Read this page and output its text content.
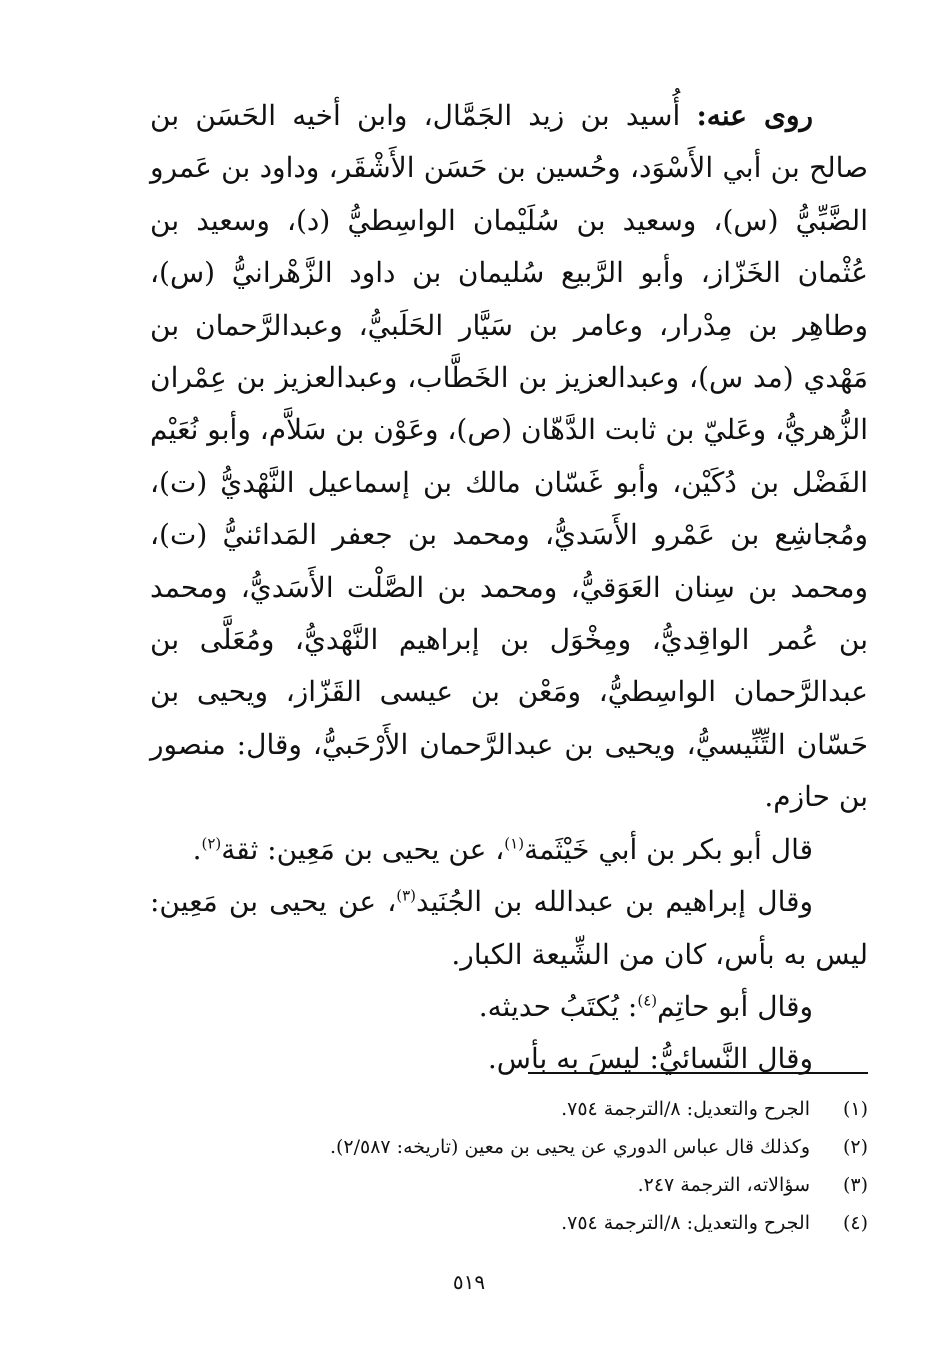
روى عنه: أُسيد بن زيد الجَمَّال، وابن أخيه الحَسَن بن صالح بن أبي الأَسْوَد، وحُسين بن حَسَن الأَشْقَر، وداود بن عَمرو الضَّبِّيُّ (س)، وسعيد بن سُلَيْمان الواسِطيُّ (د)، وسعيد بن عُثْمان الخَزّاز، وأبو الرَّبيع سُليمان بن داود الزَّهْرانيُّ (س)، وطاهِر بن مِدْرار، وعامر بن سَيَّار الحَلَبيُّ، وعبدالرَّحمان بن مَهْدي (مد س)، وعبدالعزيز بن الخَطَّاب، وعبدالعزيز بن عِمْران الزُّهريُّ، وعَليّ بن ثابت الدَّهّان (ص)، وعَوْن بن سَلاَّم، وأبو نُعَيْم الفَضْل بن دُكَيْن، وأبو غَسّان مالك بن إسماعيل النَّهْديُّ (ت)، ومُجاشِع بن عَمْرو الأَسَديُّ، ومحمد بن جعفر المَدائنيُّ (ت)، ومحمد بن سِنان العَوَقيُّ، ومحمد بن الصَّلْت الأَسَديُّ، ومحمد بن عُمر الواقِديُّ، ومِخْوَل بن إبراهيم النَّهْديُّ، ومُعَلَّى بن عبدالرَّحمان الواسِطيُّ، ومَعْن بن عيسى القَزّاز، ويحيى بن حَسّان التِّنِّيسيُّ، ويحيى بن عبدالرَّحمان الأَرْحَبيُّ، وقال: منصور بن حازم.

قال أبو بكر بن أبي خَيْثَمة$^{(١)}$، عن يحيى بن مَعِين: ثقة$^{(٢)}$.

وقال إبراهيم بن عبدالله بن الجُنَيد$^{(٣)}$، عن يحيى بن مَعِين: ليس به بأس، كان من الشِّيعة الكبار.

وقال أبو حاتِم$^{(٤)}$: يُكتَبُ حديثه.

وقال النَّسائيُّ: ليسَ به بأس.

(١)
الجرح والتعديل: ٨/الترجمة ٧٥٤.
(٢)
وكذلك قال عباس الدوري عن يحيى بن معين (تاريخه: ٢/٥٨٧).
(٣)
سؤالاته، الترجمة ٢٤٧.
(٤)
الجرح والتعديل: ٨/الترجمة ٧٥٤.
٥١٩
